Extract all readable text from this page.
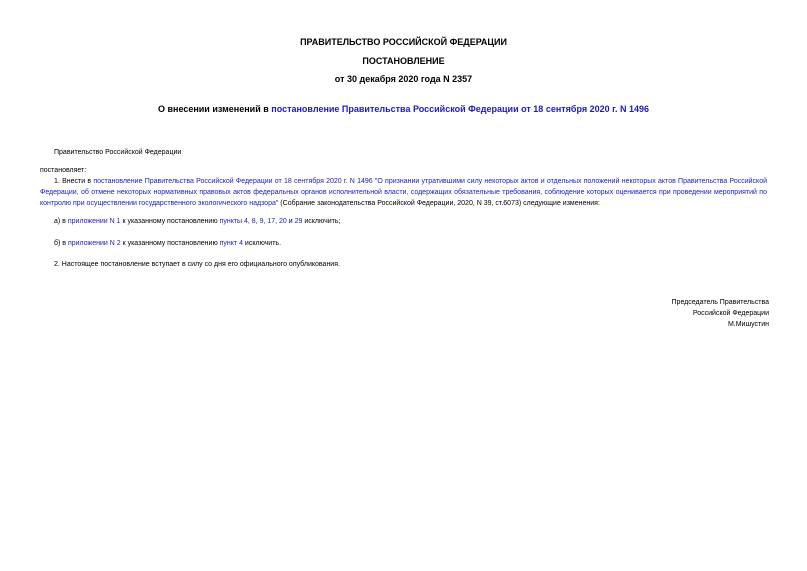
ПРАВИТЕЛЬСТВО РОССИЙСКОЙ ФЕДЕРАЦИИ
ПОСТАНОВЛЕНИЕ
от 30 декабря 2020 года N 2357
О внесении изменений в постановление Правительства Российской Федерации от 18 сентября 2020 г. N 1496
Правительство Российской Федерации
постановляет:
1. Внести в постановление Правительства Российской Федерации от 18 сентября 2020 г. N 1496 "О признании утратившими силу некоторых актов и отдельных положений некоторых актов Правительства Российской Федерации, об отмене некоторых нормативных правовых актов федеральных органов исполнительной власти, содержащих обязательные требования, соблюдение которых оценивается при проведении мероприятий по контролю при осуществлении государственного экологического надзора" (Собрание законодательства Российской Федерации, 2020, N 39, ст.6073) следующие изменения:
а) в приложении N 1 к указанному постановлению пункты 4, 8, 9, 17, 20 и 29 исключить;
б) в приложении N 2 к указанному постановлению пункт 4 исключить.
2. Настоящее постановление вступает в силу со дня его официального опубликования.
Председатель Правительства
Российской Федерации
М.Мишустин
